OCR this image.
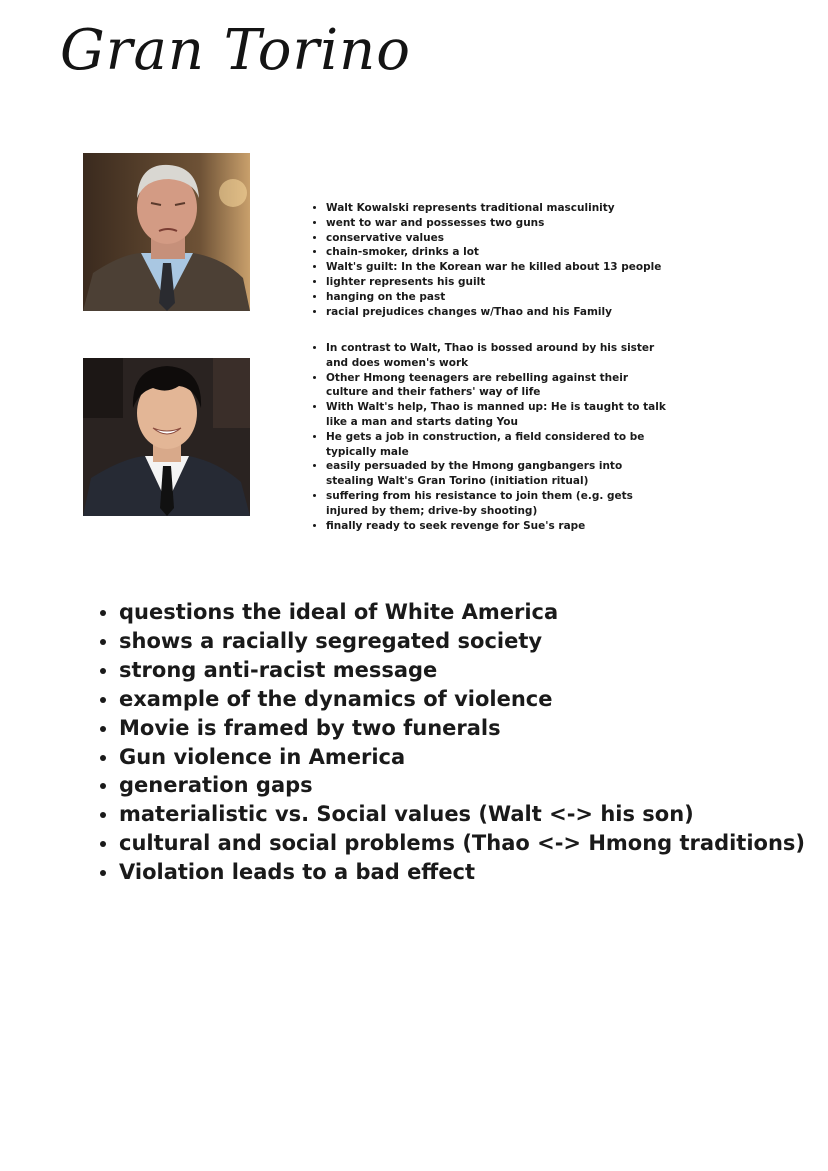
Gran Torino
• Walt Kowalski represents traditional masculinity
• went to war and possesses two guns
• conservative values
• chain-smoker, drinks a lot
• Walt's guilt: In the Korean war he killed about 13 people
• lighter represents his guilt
• hanging on the past
• racial prejudices changes w/Thao and his Family
• In contrast to Walt, Thao is bossed around by his sister and does women's work
• Other Hmong teenagers are rebelling against their culture and their fathers' way of life
• With Walt's help, Thao is manned up: He is taught to talk like a man and starts dating You
• He gets a job in construction, a field considered to be typically male
• easily persuaded by the Hmong gangbangers into stealing Walt's Gran Torino (initiation ritual)
• suffering from his resistance to join them (e.g. gets injured by them; drive-by shooting)
• finally ready to seek revenge for Sue's rape
• questions the ideal of White America
• shows a racially segregated society
• strong anti-racist message
• example of the dynamics of violence
• Movie is framed by two funerals
• Gun violence in America
• generation gaps
• materialistic vs. Social values (Walt <-> his son)
• cultural and social problems (Thao <-> Hmong traditions)
• Violation leads to a bad effect
